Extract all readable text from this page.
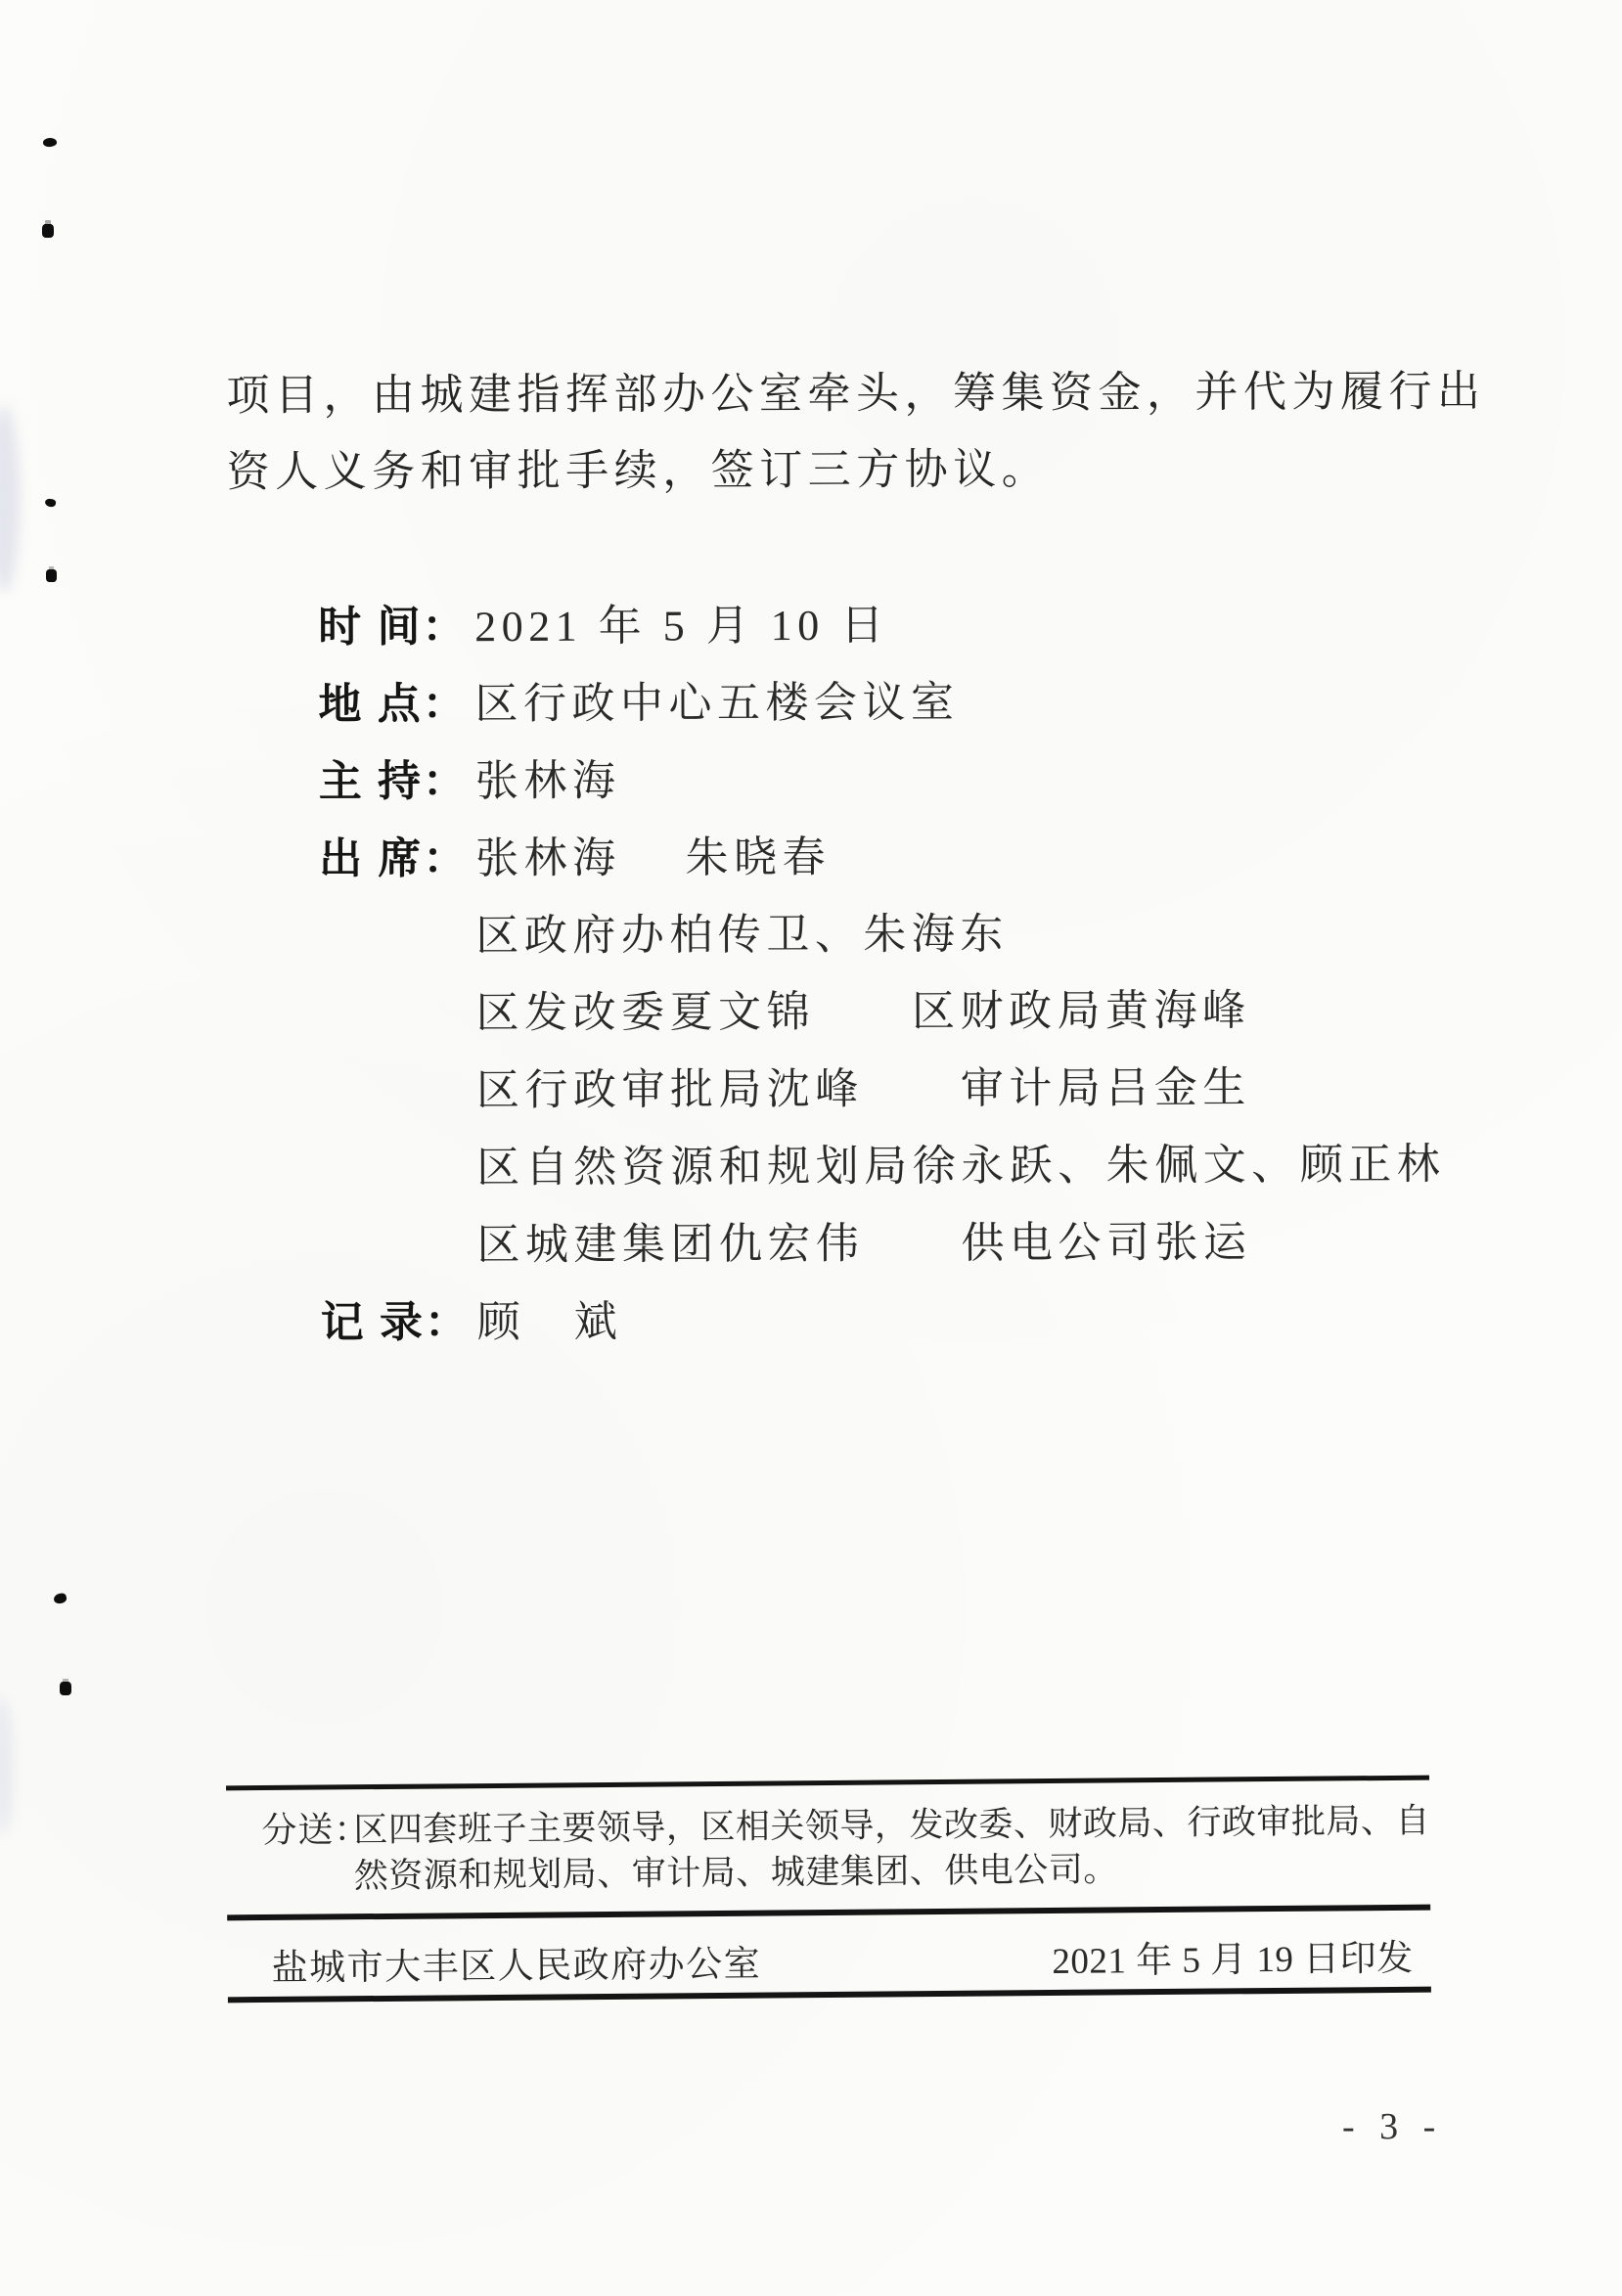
项目，由城建指挥部办公室牵头，筹集资金，并代为履行出
资人义务和审批手续，签订三方协议。
时 间： 2021 年 5 月 10 日
地 点： 区行政中心五楼会议室
主 持： 张林海
出 席： 张林海　 朱晓春
区政府办柏传卫、朱海东
区发改委夏文锦　　区财政局黄海峰
区行政审批局沈峰　　审计局吕金生
区自然资源和规划局徐永跃、朱佩文、顾正林
区城建集团仇宏伟　　供电公司张运
记 录： 顾　斌
分送：
区四套班子主要领导，区相关领导，发改委、财政局、行政审批局、自
然资源和规划局、审计局、城建集团、供电公司。
盐城市大丰区人民政府办公室	2021 年 5 月 19 日印发
- 3 -
